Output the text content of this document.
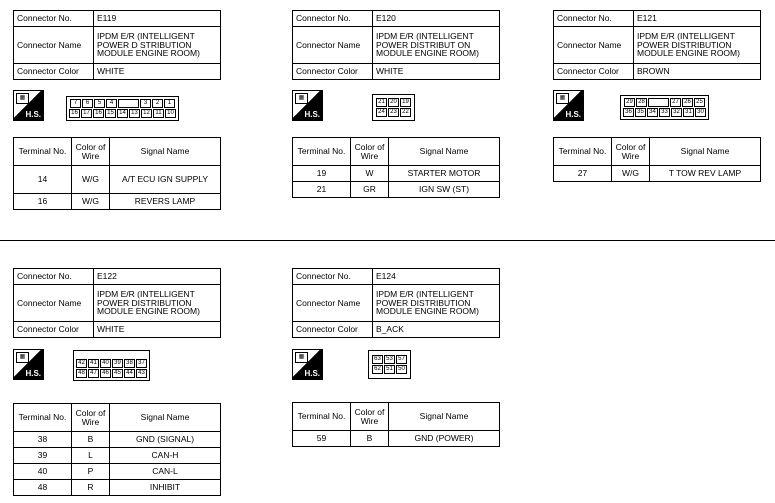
Connector No.	E119
Connector Name	IPDM E/R (INTELLIGENT POWER D STRIBUTION MODULE ENGINE ROOM)
Connector Color	WHITE
▦
H.S.
7	6	5	4	3	2	1
16 17 16 15 14 13 12 11 10
Terminal No.	Color of Wire	Signal Name
14	W/G	A/T ECU IGN SUPPLY
16	W/G	REVERS LAMP
Connector No.	E120
Connector Name	IPDM E/R (INTELLIGENT POWER DISTRIBUT ON MODULE ENGINE ROOM)
Connector Color	WHITE
▦
H.S.
21 20 19
24 23 22
Terminal No.	Color of Wire	Signal Name
19	W	STARTER MOTOR
21	GR	IGN SW (ST)
Connector No.	E121
Connector Name	IPDM E/R (INTELLIGENT POWER DISTRIBUTION MODULE ENGINE ROOM)
Connector Color	BROWN
▦
H.S.
29 28	27 26 25
36 35 34 33 32 31 30
Terminal No.	Color of Wire	Signal Name
27	W/G	T TOW REV LAMP
Connector No.	E122
Connector Name	IPDM E/R (INTELLIGENT POWER DISTRIBUTION MODULE ENGINE ROOM)
Connector Color	WHITE
▦
H.S.
42 41 40 39 38 37
48 47 46 45 44 43
Terminal No.	Color of Wire	Signal Name
38	B	GND (SIGNAL)
39	L	CAN-H
40	P	CAN-L
48	R	INHIBIT
Connector No.	E124
Connector Name	IPDM E/R (INTELLIGENT POWER DISTRIBUTION MODULE ENGINE ROOM)
Connector Color	B_ACK
▦
H.S.
63 53 57
62 51 50
Terminal No.	Color of Wire	Signal Name
59	B	GND (POWER)
